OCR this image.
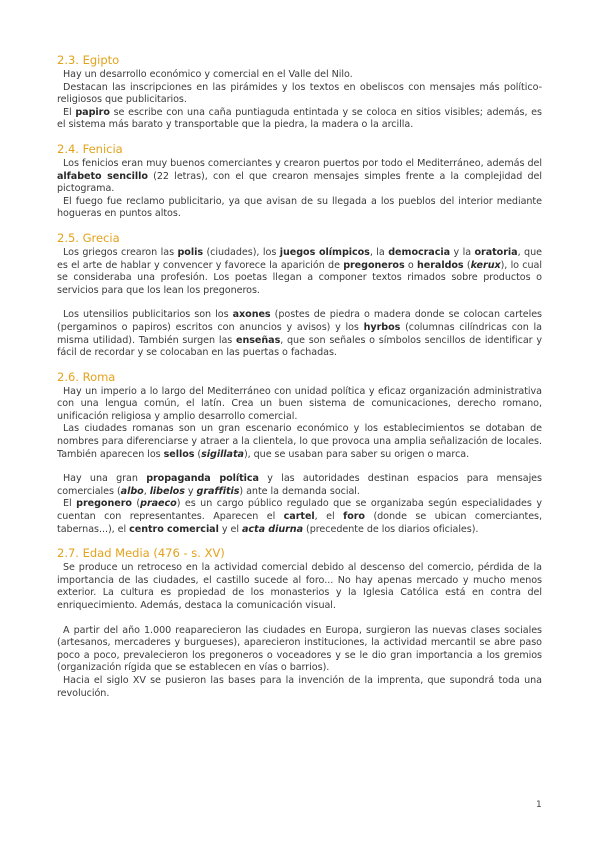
2.3. Egipto

Hay un desarrollo económico y comercial en el Valle del Nilo.

Destacan las inscripciones en las pirámides y los textos en obeliscos con mensajes más político-religiosos que publicitarios.

El papiro se escribe con una caña puntiaguda entintada y se coloca en sitios visibles; además, es el sistema más barato y transportable que la piedra, la madera o la arcilla.

2.4. Fenicia

Los fenicios eran muy buenos comerciantes y crearon puertos por todo el Mediterráneo, además del alfabeto sencillo (22 letras), con el que crearon mensajes simples frente a la complejidad del pictograma.

El fuego fue reclamo publicitario, ya que avisan de su llegada a los pueblos del interior mediante hogueras en puntos altos.

2.5. Grecia

Los griegos crearon las polis (ciudades), los juegos olímpicos, la democracia y la oratoria, que es el arte de hablar y convencer y favorece la aparición de pregoneros o heraldos (kerux), lo cual se consideraba una profesión. Los poetas llegan a componer textos rimados sobre productos o servicios para que los lean los pregoneros.

Los utensilios publicitarios son los axones (postes de piedra o madera donde se colocan carteles (pergaminos o papiros) escritos con anuncios y avisos) y los hyrbos (columnas cilíndricas con la misma utilidad). También surgen las enseñas, que son señales o símbolos sencillos de identificar y fácil de recordar y se colocaban en las puertas o fachadas.

2.6. Roma

Hay un imperio a lo largo del Mediterráneo con unidad política y eficaz organización administrativa con una lengua común, el latín. Crea un buen sistema de comunicaciones, derecho romano, unificación religiosa y amplio desarrollo comercial.

Las ciudades romanas son un gran escenario económico y los establecimientos se dotaban de nombres para diferenciarse y atraer a la clientela, lo que provoca una amplia señalización de locales. También aparecen los sellos (sigillata), que se usaban para saber su origen o marca.

Hay una gran propaganda política y las autoridades destinan espacios para mensajes comerciales (albo, libelos y graffitis) ante la demanda social.

El pregonero (praeco) es un cargo público regulado que se organizaba según especialidades y cuentan con representantes. Aparecen el cartel, el foro (donde se ubican comerciantes, tabernas...), el centro comercial y el acta diurna (precedente de los diarios oficiales).

2.7. Edad Media (476 - s. XV)

Se produce un retroceso en la actividad comercial debido al descenso del comercio, pérdida de la importancia de las ciudades, el castillo sucede al foro... No hay apenas mercado y mucho menos exterior. La cultura es propiedad de los monasterios y la Iglesia Católica está en contra del enriquecimiento. Además, destaca la comunicación visual.

A partir del año 1.000 reaparecieron las ciudades en Europa, surgieron las nuevas clases sociales (artesanos, mercaderes y burgueses), aparecieron instituciones, la actividad mercantil se abre paso poco a poco, prevalecieron los pregoneros o voceadores y se le dio gran importancia a los gremios (organización rígida que se establecen en vías o barrios).

Hacia el siglo XV se pusieron las bases para la invención de la imprenta, que supondrá toda una revolución.

1
